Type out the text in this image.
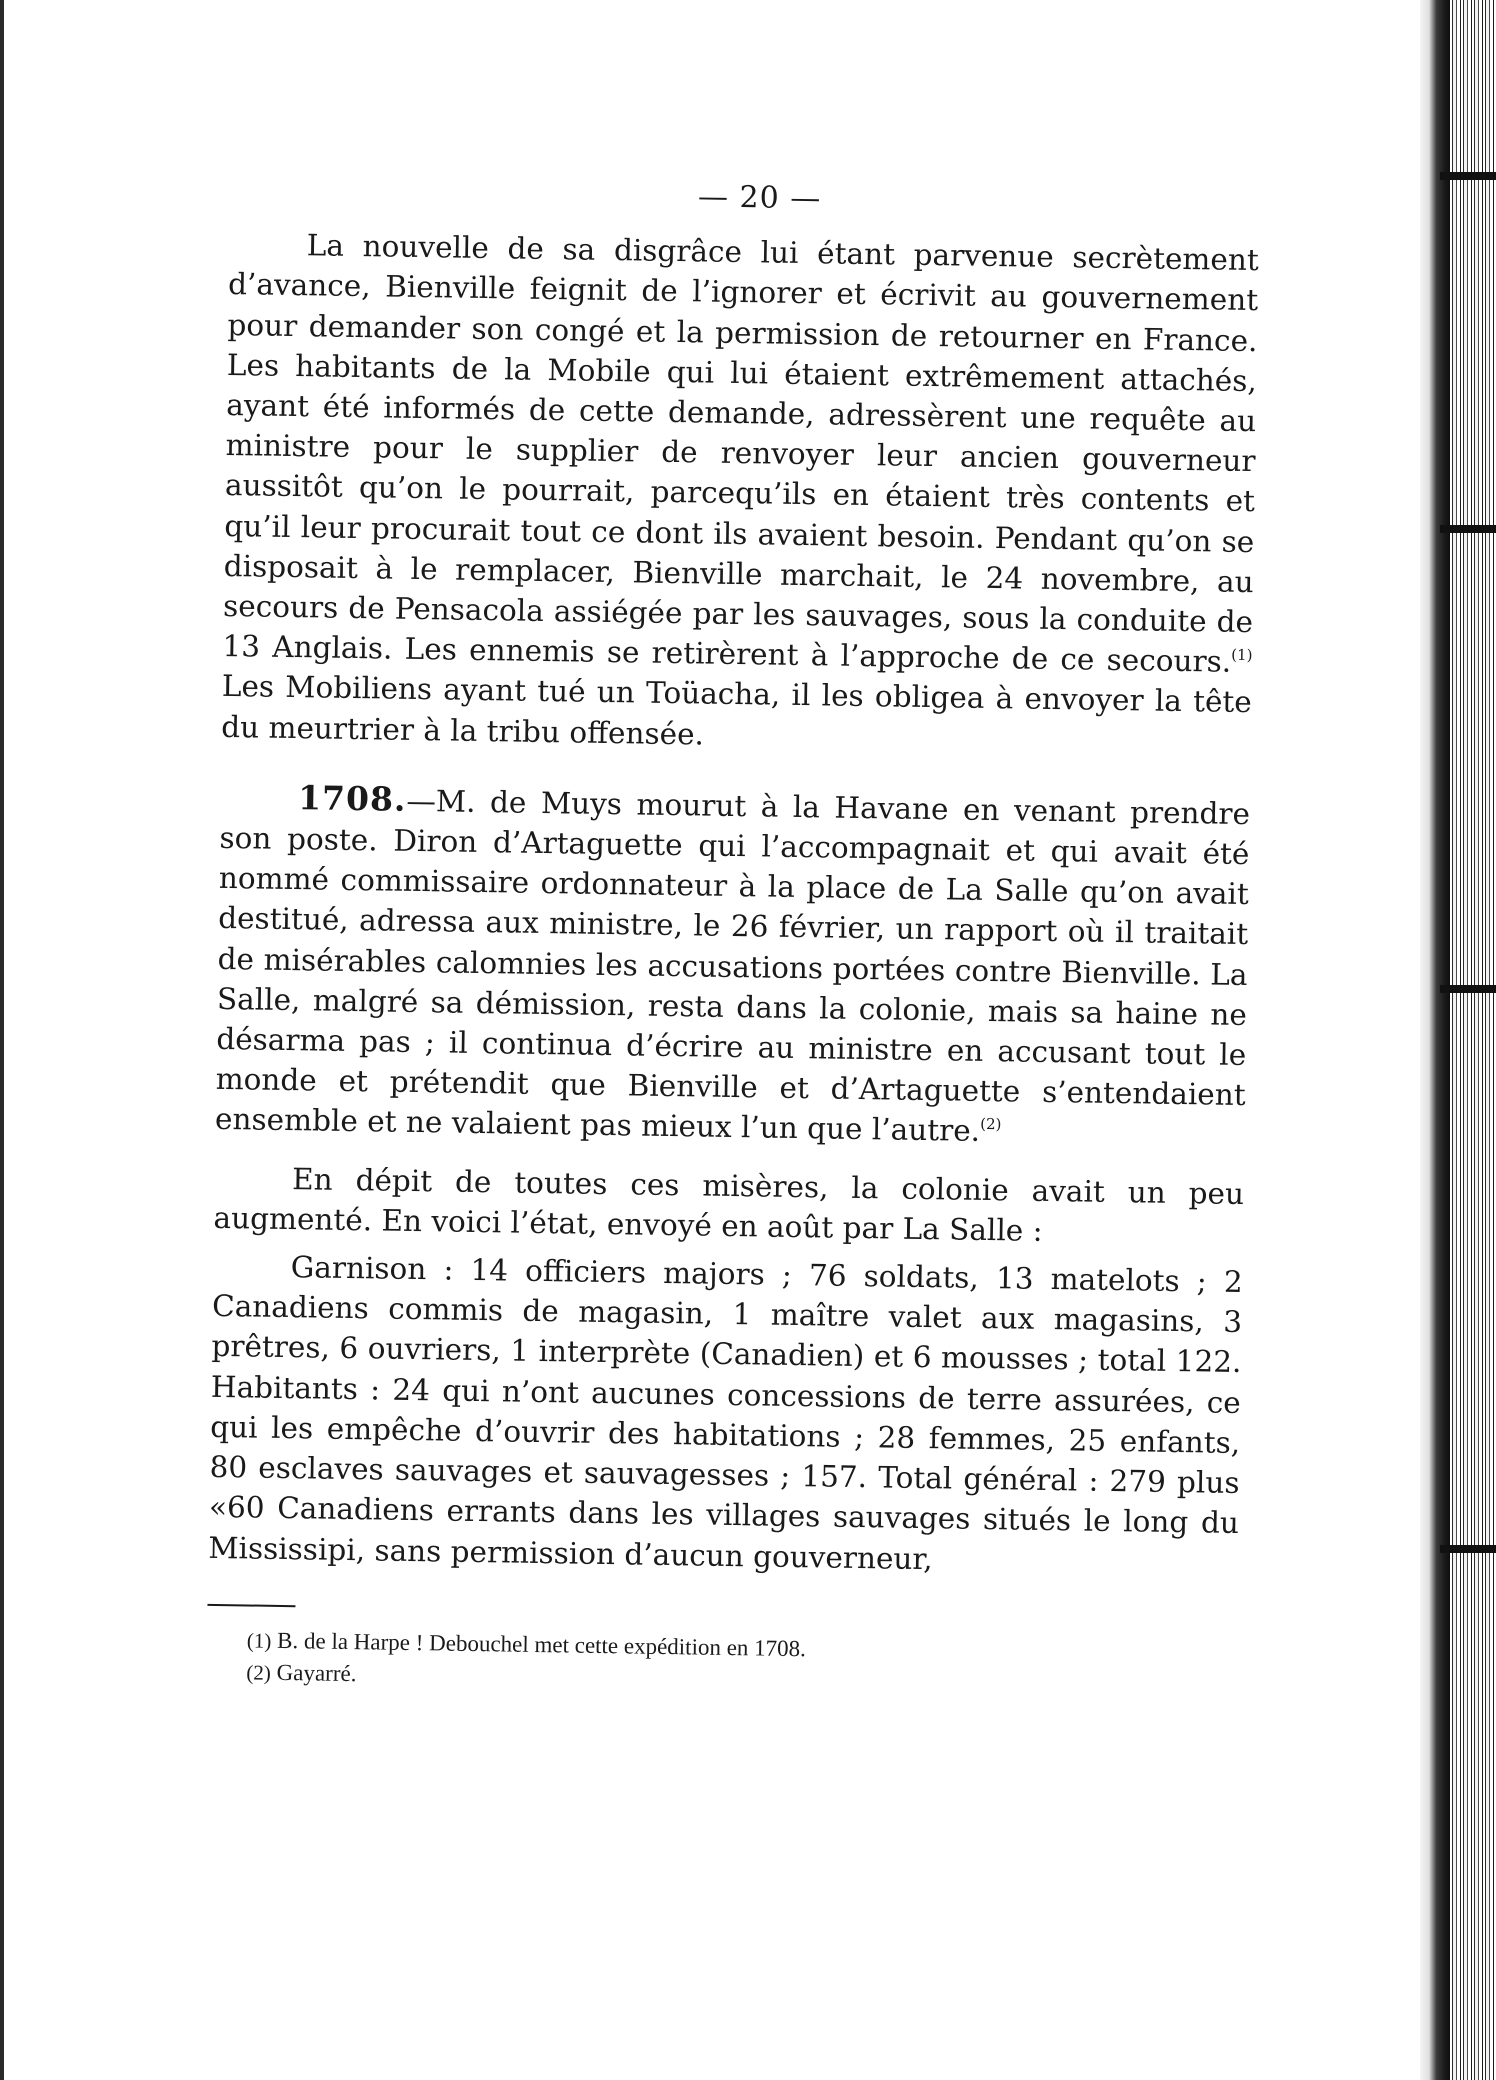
— 20 —

La nouvelle de sa disgrâce lui étant parvenue secrètement d’avance, Bienville feignit de l’ignorer et écrivit au gouvernement pour demander son congé et la permission de retourner en France. Les habitants de la Mobile qui lui étaient extrêmement attachés, ayant été informés de cette demande, adressèrent une requête au ministre pour le supplier de renvoyer leur ancien gouverneur aussitôt qu’on le pourrait, parcequ’ils en étaient très contents et qu’il leur procurait tout ce dont ils avaient besoin. Pendant qu’on se disposait à le remplacer, Bienville marchait, le 24 novembre, au secours de Pensacola assiégée par les sauvages, sous la conduite de 13 Anglais. Les ennemis se retirèrent à l’approche de ce secours.$^{(1)}$ Les Mobiliens ayant tué un Toüacha, il les obligea à envoyer la tête du meurtrier à la tribu offensée.

1708.—M. de Muys mourut à la Havane en venant prendre son poste. Diron d’Artaguette qui l’accompagnait et qui avait été nommé commissaire ordonnateur à la place de La Salle qu’on avait destitué, adressa aux ministre, le 26 février, un rapport où il traitait de misérables calomnies les accusations portées contre Bienville. La Salle, malgré sa démission, resta dans la colonie, mais sa haine ne désarma pas ; il continua d’écrire au ministre en accusant tout le monde et prétendit que Bienville et d’Artaguette s’entendaient ensemble et ne valaient pas mieux l’un que l’autre.$^{(2)}$

En dépit de toutes ces misères, la colonie avait un peu augmenté. En voici l’état, envoyé en août par La Salle :

Garnison : 14 officiers majors ; 76 soldats, 13 matelots ; 2 Canadiens commis de magasin, 1 maître valet aux magasins, 3 prêtres, 6 ouvriers, 1 interprète (Canadien) et 6 mousses ; total 122. Habitants : 24 qui n’ont aucunes concessions de terre assurées, ce qui les empêche d’ouvrir des habitations ; 28 femmes, 25 enfants, 80 esclaves sauvages et sauvagesses ; 157. Total général : 279 plus «60 Canadiens errants dans les villages sauvages situés le long du Mississipi, sans permission d’aucun gouverneur,

(1) B. de la Harpe ! Debouchel met cette expédition en 1708.

(2) Gayarré.
